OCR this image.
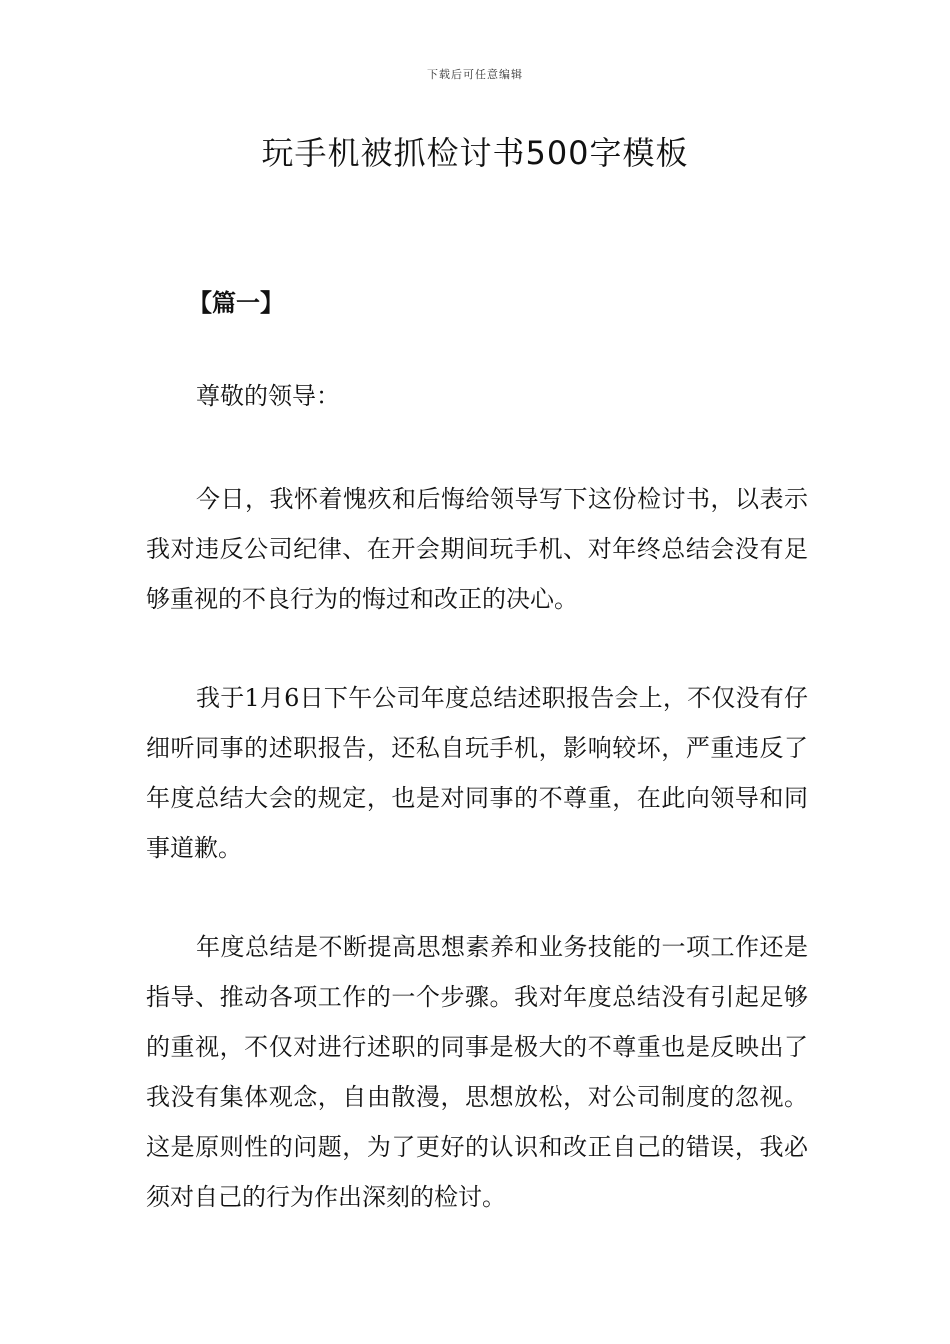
下载后可任意编辑
玩手机被抓检讨书500字模板
【篇一】
尊敬的领导：

今日，我怀着愧疚和后悔给领导写下这份检讨书，以表示我对违反公司纪律、在开会期间玩手机、对年终总结会没有足够重视的不良行为的悔过和改正的决心。

我于1月6日下午公司年度总结述职报告会上，不仅没有仔细听同事的述职报告，还私自玩手机，影响较坏，严重违反了年度总结大会的规定，也是对同事的不尊重，在此向领导和同事道歉。

年度总结是不断提高思想素养和业务技能的一项工作还是指导、推动各项工作的一个步骤。我对年度总结没有引起足够的重视，不仅对进行述职的同事是极大的不尊重也是反映出了我没有集体观念，自由散漫，思想放松，对公司制度的忽视。这是原则性的问题，为了更好的认识和改正自己的错误，我必须对自己的行为作出深刻的检讨。
